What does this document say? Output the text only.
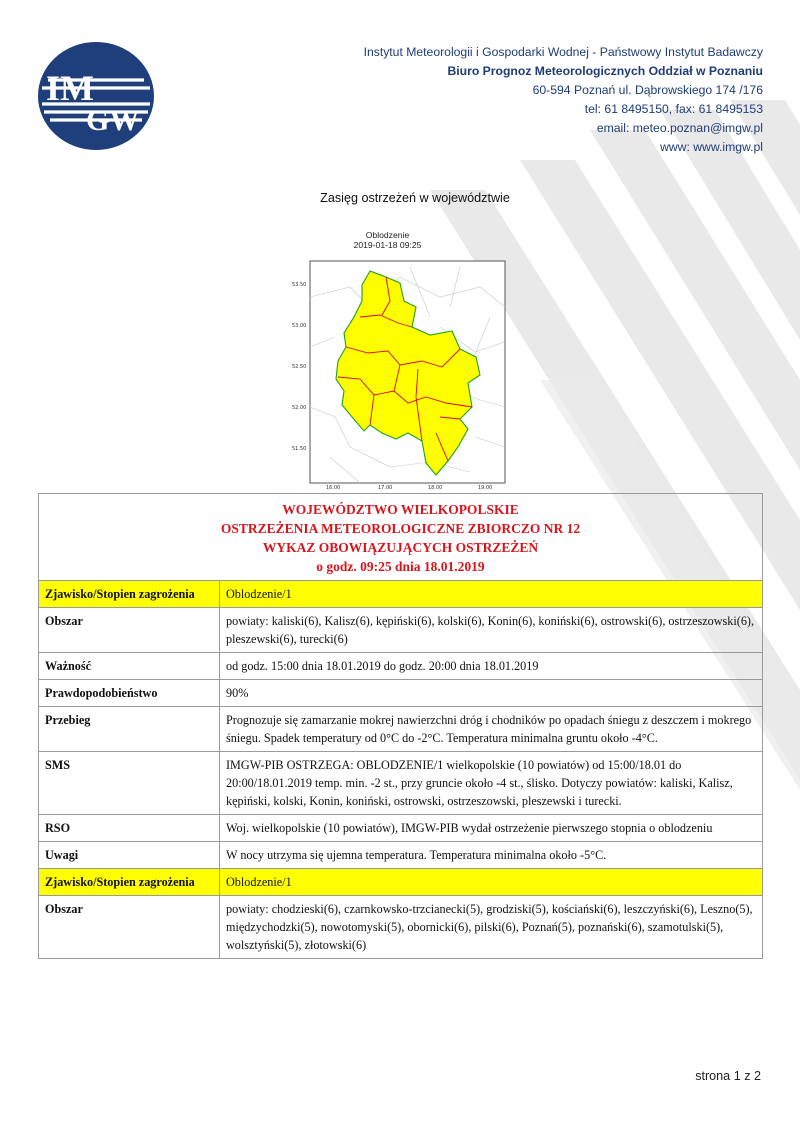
IM
GW
Instytut Meteorologii i Gospodarki Wodnej - Państwowy Instytut Badawczy
Biuro Prognoz Meteorologicznych Oddział w Poznaniu
60-594 Poznań ul. Dąbrowskiego 174 /176
tel: 61 8495150, fax: 61 8495153
email: meteo.poznan@imgw.pl
www: www.imgw.pl
Zasięg ostrzeżeń w województwie
Oblodzenie
2019-01-18 09:25
53.50
53.00
52.50
52.00
51.50
16.00	17.00	18.00	19.00
WOJEWÓDZTWO WIELKOPOLSKIE
OSTRZEŻENIA METEOROLOGICZNE ZBIORCZO NR 12
WYKAZ OBOWIĄZUJĄCYCH OSTRZEŻEŃ
o godz. 09:25 dnia 18.01.2019	

Zjawisko/Stopien zagrożenia	Oblodzenie/1
Obszar	powiaty: kaliski(6), Kalisz(6), kępiński(6), kolski(6), Konin(6), koniński(6), ostrowski(6), ostrzeszowski(6), pleszewski(6), turecki(6)
Ważność	od godz. 15:00 dnia 18.01.2019 do godz. 20:00 dnia 18.01.2019
Prawdopodobieństwo	90%
Przebieg	Prognozuje się zamarzanie mokrej nawierzchni dróg i chodników po opadach śniegu z deszczem i mokrego śniegu. Spadek temperatury od 0°C do -2°C. Temperatura minimalna gruntu około -4°C.
SMS	IMGW-PIB OSTRZEGA: OBLODZENIE/1 wielkopolskie (10 powiatów) od 15:00/18.01 do 20:00/18.01.2019 temp. min. -2 st., przy gruncie około -4 st., ślisko. Dotyczy powiatów: kaliski, Kalisz, kępiński, kolski, Konin, koniński, ostrowski, ostrzeszowski, pleszewski i turecki.
RSO	Woj. wielkopolskie (10 powiatów), IMGW-PIB wydał ostrzeżenie pierwszego stopnia o oblodzeniu
Uwagi	W nocy utrzyma się ujemna temperatura. Temperatura minimalna około -5°C.
Zjawisko/Stopien zagrożenia	Oblodzenie/1
Obszar	powiaty: chodzieski(6), czarnkowsko-trzcianecki(5), grodziski(5), kościański(6), leszczyński(6), Leszno(5), międzychodzki(5), nowotomyski(5), obornicki(6), pilski(6), Poznań(5), poznański(6), szamotulski(5), wolsztyński(5), złotowski(6)
strona 1 z 2
